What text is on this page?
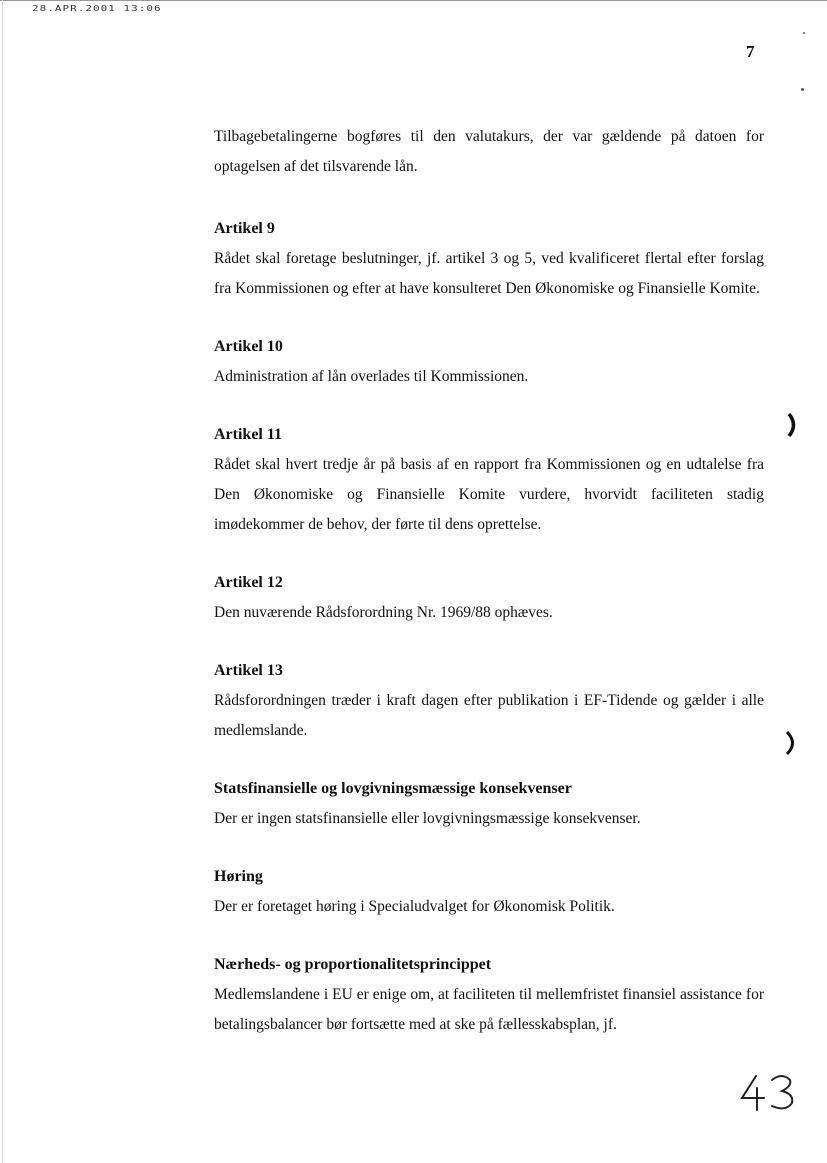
28.APR.2001 13:06
7

Tilbagebetalingerne bogføres til den valutakurs, der var gældende på datoen for optagelsen af det tilsvarende lån.

Artikel 9

Rådet skal foretage beslutninger, jf. artikel 3 og 5, ved kvalificeret flertal efter forslag fra Kommissionen og efter at have konsulteret Den Økonomiske og Finansielle Komite.

Artikel 10

Administration af lån overlades til Kommissionen.

Artikel 11

Rådet skal hvert tredje år på basis af en rapport fra Kommissionen og en udtalelse fra Den Økonomiske og Finansielle Komite vurdere, hvorvidt faciliteten stadig imødekommer de behov, der førte til dens oprettelse.

Artikel 12

Den nuværende Rådsforordning Nr. 1969/88 ophæves.

Artikel 13

Rådsforordningen træder i kraft dagen efter publikation i EF-Tidende og gælder i alle medlemslande.

Statsfinansielle og lovgivningsmæssige konsekvenser

Der er ingen statsfinansielle eller lovgivningsmæssige konsekvenser.

Høring

Der er foretaget høring i Specialudvalget for Økonomisk Politik.

Nærheds- og proportionalitetsprincippet

Medlemslandene i EU er enige om, at faciliteten til mellemfristet finansiel assistance for betalingsbalancer bør fortsætte med at ske på fællesskabsplan, jf.
